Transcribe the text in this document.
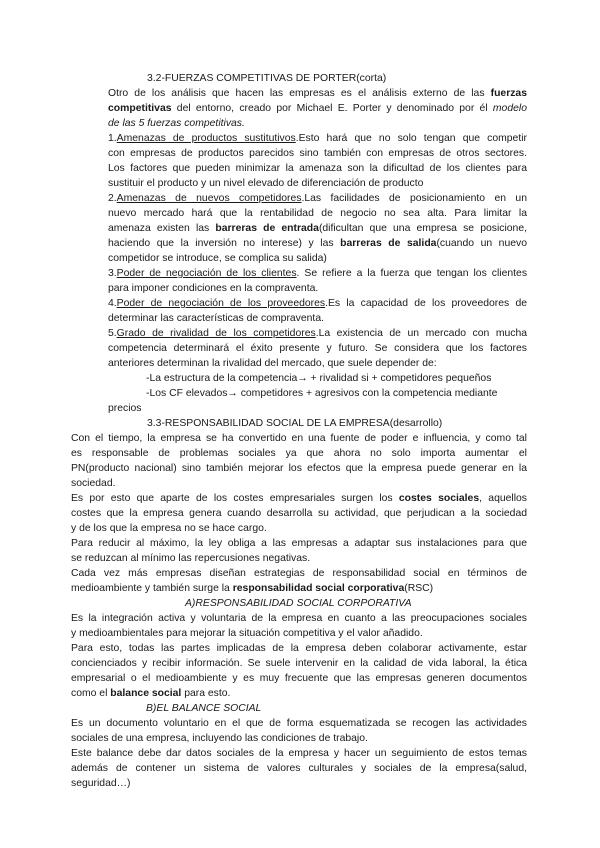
3.2-FUERZAS COMPETITIVAS DE PORTER(corta)
Otro de los análisis que hacen las empresas es el análisis externo de las fuerzas
competitivas del entorno, creado por Michael E. Porter y denominado por él modelo
de las 5 fuerzas competitivas.
1.Amenazas de productos sustitutivos.Esto hará que no solo tengan que competir
con empresas de productos parecidos sino también con empresas de otros sectores.
Los factores que pueden minimizar la amenaza son la dificultad de los clientes para
sustituir el producto y un nivel elevado de diferenciación de producto
2.Amenazas de nuevos competidores.Las facilidades de posicionamiento en un
nuevo mercado hará que la rentabilidad de negocio no sea alta. Para limitar la
amenaza existen las barreras de entrada(dificultan que una empresa se posicione,
haciendo que la inversión no interese) y las barreras de salida(cuando un nuevo
competidor se introduce, se complica su salida)
3.Poder de negociación de los clientes. Se refiere a la fuerza que tengan los clientes
para imponer condiciones en la compraventa.
4.Poder de negociación de los proveedores.Es la capacidad de los proveedores de
determinar las características de compraventa.
5.Grado de rivalidad de los competidores.La existencia de un mercado con mucha
competencia determinará el éxito presente y futuro. Se considera que los factores
anteriores determinan la rivalidad del mercado, que suele depender de:
-La estructura de la competencia→ + rivalidad si + competidores pequeños
-Los CF elevados→ competidores + agresivos con la competencia mediante
precios
3.3-RESPONSABILIDAD SOCIAL DE LA EMPRESA(desarrollo)
Con el tiempo, la empresa se ha convertido en una fuente de poder e influencia, y como tal
es responsable de problemas sociales ya que ahora no solo importa aumentar el
PN(producto nacional) sino también mejorar los efectos que la empresa puede generar en la
sociedad.
Es por esto que aparte de los costes empresariales surgen los costes sociales, aquellos
costes que la empresa genera cuando desarrolla su actividad, que perjudican a la sociedad
y de los que la empresa no se hace cargo.
Para reducir al máximo, la ley obliga a las empresas a adaptar sus instalaciones para que
se reduzcan al mínimo las repercusiones negativas.
Cada vez más empresas diseñan estrategias de responsabilidad social en términos de
medioambiente y también surge la responsabilidad social corporativa(RSC)
A)RESPONSABILIDAD SOCIAL CORPORATIVA
Es la integración activa y voluntaria de la empresa en cuanto a las preocupaciones sociales
y medioambientales para mejorar la situación competitiva y el valor añadido.
Para esto, todas las partes implicadas de la empresa deben colaborar activamente, estar
concienciados y recibir información. Se suele intervenir en la calidad de vida laboral, la ética
empresarial o el medioambiente y es muy frecuente que las empresas generen documentos
como el balance social para esto.
B)EL BALANCE SOCIAL
Es un documento voluntario en el que de forma esquematizada se recogen las actividades
sociales de una empresa, incluyendo las condiciones de trabajo.
Este balance debe dar datos sociales de la empresa y hacer un seguimiento de estos temas
además de contener un sistema de valores culturales y sociales de la empresa(salud,
seguridad…)
